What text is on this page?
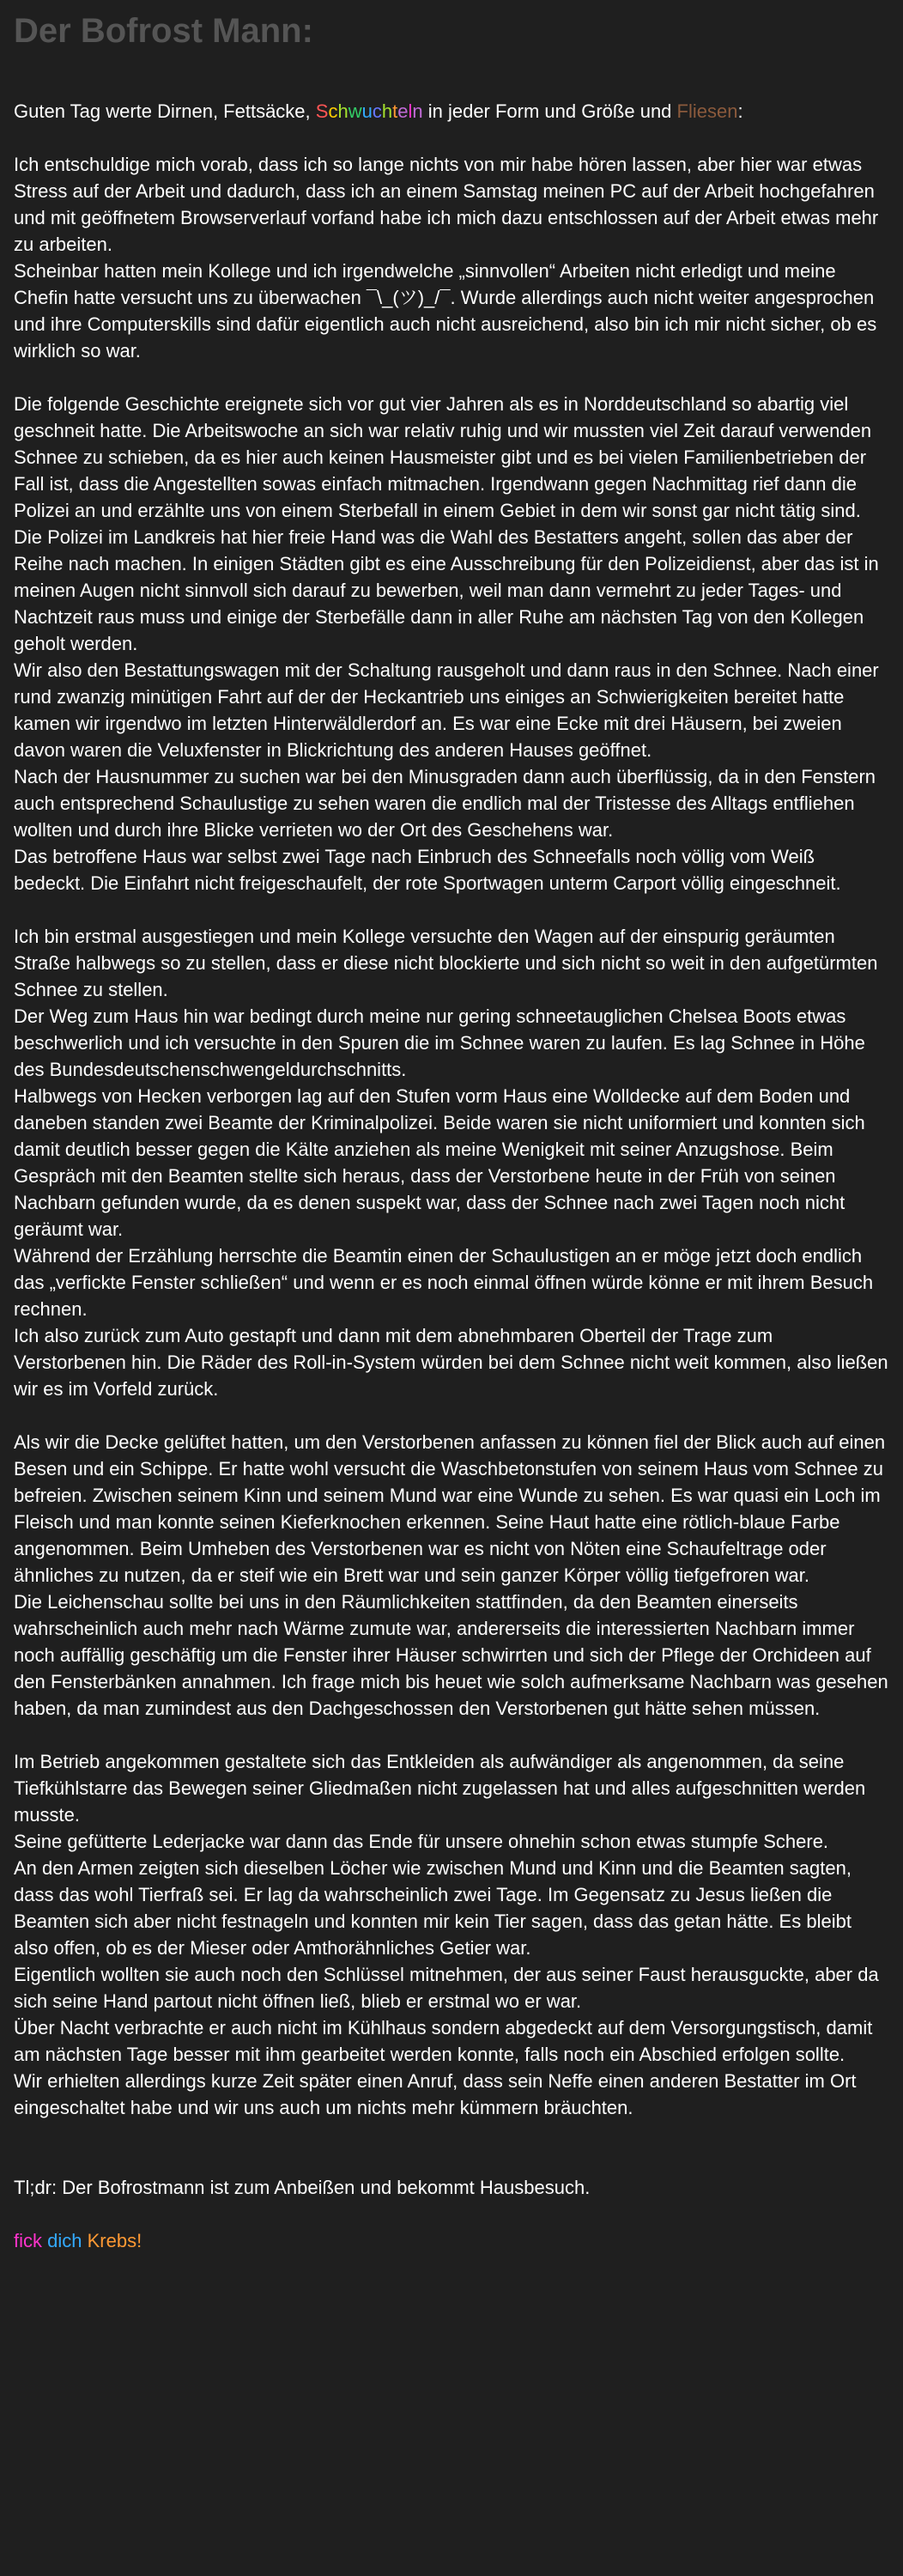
Der Bofrost Mann:
Guten Tag werte Dirnen, Fettsäcke, Schwuchteln in jeder Form und Größe und Fliesen:
Ich entschuldige mich vorab, dass ich so lange nichts von mir habe hören lassen, aber hier war etwas Stress auf der Arbeit und dadurch, dass ich an einem Samstag meinen PC auf der Arbeit hochgefahren und mit geöffnetem Browserverlauf vorfand habe ich mich dazu entschlossen auf der Arbeit etwas mehr zu arbeiten.
Scheinbar hatten mein Kollege und ich irgendwelche „sinnvollen“ Arbeiten nicht erledigt und meine Chefin hatte versucht uns zu überwachen ¯\_(ツ)_/¯. Wurde allerdings auch nicht weiter angesprochen und ihre Computerskills sind dafür eigentlich auch nicht ausreichend, also bin ich mir nicht sicher, ob es wirklich so war.
Die folgende Geschichte ereignete sich vor gut vier Jahren als es in Norddeutschland so abartig viel geschneit hatte. Die Arbeitswoche an sich war relativ ruhig und wir mussten viel Zeit darauf verwenden Schnee zu schieben, da es hier auch keinen Hausmeister gibt und es bei vielen Familienbetrieben der Fall ist, dass die Angestellten sowas einfach mitmachen. Irgendwann gegen Nachmittag rief dann die Polizei an und erzählte uns von einem Sterbefall in einem Gebiet in dem wir sonst gar nicht tätig sind. Die Polizei im Landkreis hat hier freie Hand was die Wahl des Bestatters angeht, sollen das aber der Reihe nach machen. In einigen Städten gibt es eine Ausschreibung für den Polizeidienst, aber das ist in meinen Augen nicht sinnvoll sich darauf zu bewerben, weil man dann vermehrt zu jeder Tages- und Nachtzeit raus muss und einige der Sterbefälle dann in aller Ruhe am nächsten Tag von den Kollegen geholt werden.
Wir also den Bestattungswagen mit der Schaltung rausgeholt und dann raus in den Schnee. Nach einer rund zwanzig minütigen Fahrt auf der der Heckantrieb uns einiges an Schwierigkeiten bereitet hatte kamen wir irgendwo im letzten Hinterwäldlerdorf an. Es war eine Ecke mit drei Häusern, bei zweien davon waren die Veluxfenster in Blickrichtung des anderen Hauses geöffnet.
Nach der Hausnummer zu suchen war bei den Minusgraden dann auch überflüssig, da in den Fenstern auch entsprechend Schaulustige zu sehen waren die endlich mal der Tristesse des Alltags entfliehen wollten und durch ihre Blicke verrieten wo der Ort des Geschehens war.
Das betroffene Haus war selbst zwei Tage nach Einbruch des Schneefalls noch völlig vom Weiß bedeckt. Die Einfahrt nicht freigeschaufelt, der rote Sportwagen unterm Carport völlig eingeschneit.
Ich bin erstmal ausgestiegen und mein Kollege versuchte den Wagen auf der einspurig geräumten Straße halbwegs so zu stellen, dass er diese nicht blockierte und sich nicht so weit in den aufgetürmten Schnee zu stellen.
Der Weg zum Haus hin war bedingt durch meine nur gering schneetauglichen Chelsea Boots etwas beschwerlich und ich versuchte in den Spuren die im Schnee waren zu laufen. Es lag Schnee in Höhe des Bundesdeutschenschwengeldurchschnitts.
Halbwegs von Hecken verborgen lag auf den Stufen vorm Haus eine Wolldecke auf dem Boden und daneben standen zwei Beamte der Kriminalpolizei. Beide waren sie nicht uniformiert und konnten sich damit deutlich besser gegen die Kälte anziehen als meine Wenigkeit mit seiner Anzugshose. Beim Gespräch mit den Beamten stellte sich heraus, dass der Verstorbene heute in der Früh von seinen Nachbarn gefunden wurde, da es denen suspekt war, dass der Schnee nach zwei Tagen noch nicht geräumt war.
Während der Erzählung herrschte die Beamtin einen der Schaulustigen an er möge jetzt doch endlich das „verfickte Fenster schließen“ und wenn er es noch einmal öffnen würde könne er mit ihrem Besuch rechnen.
Ich also zurück zum Auto gestapft und dann mit dem abnehmbaren Oberteil der Trage zum Verstorbenen hin. Die Räder des Roll-in-System würden bei dem Schnee nicht weit kommen, also ließen wir es im Vorfeld zurück.
Als wir die Decke gelüftet hatten, um den Verstorbenen anfassen zu können fiel der Blick auch auf einen Besen und ein Schippe. Er hatte wohl versucht die Waschbetonstufen von seinem Haus vom Schnee zu befreien. Zwischen seinem Kinn und seinem Mund war eine Wunde zu sehen. Es war quasi ein Loch im Fleisch und man konnte seinen Kieferknochen erkennen. Seine Haut hatte eine rötlich-blaue Farbe angenommen. Beim Umheben des Verstorbenen war es nicht von Nöten eine Schaufeltrage oder ähnliches zu nutzen, da er steif wie ein Brett war und sein ganzer Körper völlig tiefgefroren war.
Die Leichenschau sollte bei uns in den Räumlichkeiten stattfinden, da den Beamten einerseits wahrscheinlich auch mehr nach Wärme zumute war, andererseits die interessierten Nachbarn immer noch auffällig geschäftig um die Fenster ihrer Häuser schwirrten und sich der Pflege der Orchideen auf den Fensterbänken annahmen. Ich frage mich bis heuet wie solch aufmerksame Nachbarn was gesehen haben, da man zumindest aus den Dachgeschossen den Verstorbenen gut hätte sehen müssen.
Im Betrieb angekommen gestaltete sich das Entkleiden als aufwändiger als angenommen, da seine Tiefkühlstarre das Bewegen seiner Gliedmaßen nicht zugelassen hat und alles aufgeschnitten werden musste.
Seine gefütterte Lederjacke war dann das Ende für unsere ohnehin schon etwas stumpfe Schere.
An den Armen zeigten sich dieselben Löcher wie zwischen Mund und Kinn und die Beamten sagten, dass das wohl Tierfraß sei. Er lag da wahrscheinlich zwei Tage. Im Gegensatz zu Jesus ließen die Beamten sich aber nicht festnageln und konnten mir kein Tier sagen, dass das getan hätte. Es bleibt also offen, ob es der Mieser oder Amthorähnliches Getier war.
Eigentlich wollten sie auch noch den Schlüssel mitnehmen, der aus seiner Faust herausguckte, aber da sich seine Hand partout nicht öffnen ließ, blieb er erstmal wo er war.
Über Nacht verbrachte er auch nicht im Kühlhaus sondern abgedeckt auf dem Versorgungstisch, damit am nächsten Tage besser mit ihm gearbeitet werden konnte, falls noch ein Abschied erfolgen sollte.
Wir erhielten allerdings kurze Zeit später einen Anruf, dass sein Neffe einen anderen Bestatter im Ort eingeschaltet habe und wir uns auch um nichts mehr kümmern bräuchten.
Tl;dr: Der Bofrostmann ist zum Anbeißen und bekommt Hausbesuch.
fick dich Krebs!
